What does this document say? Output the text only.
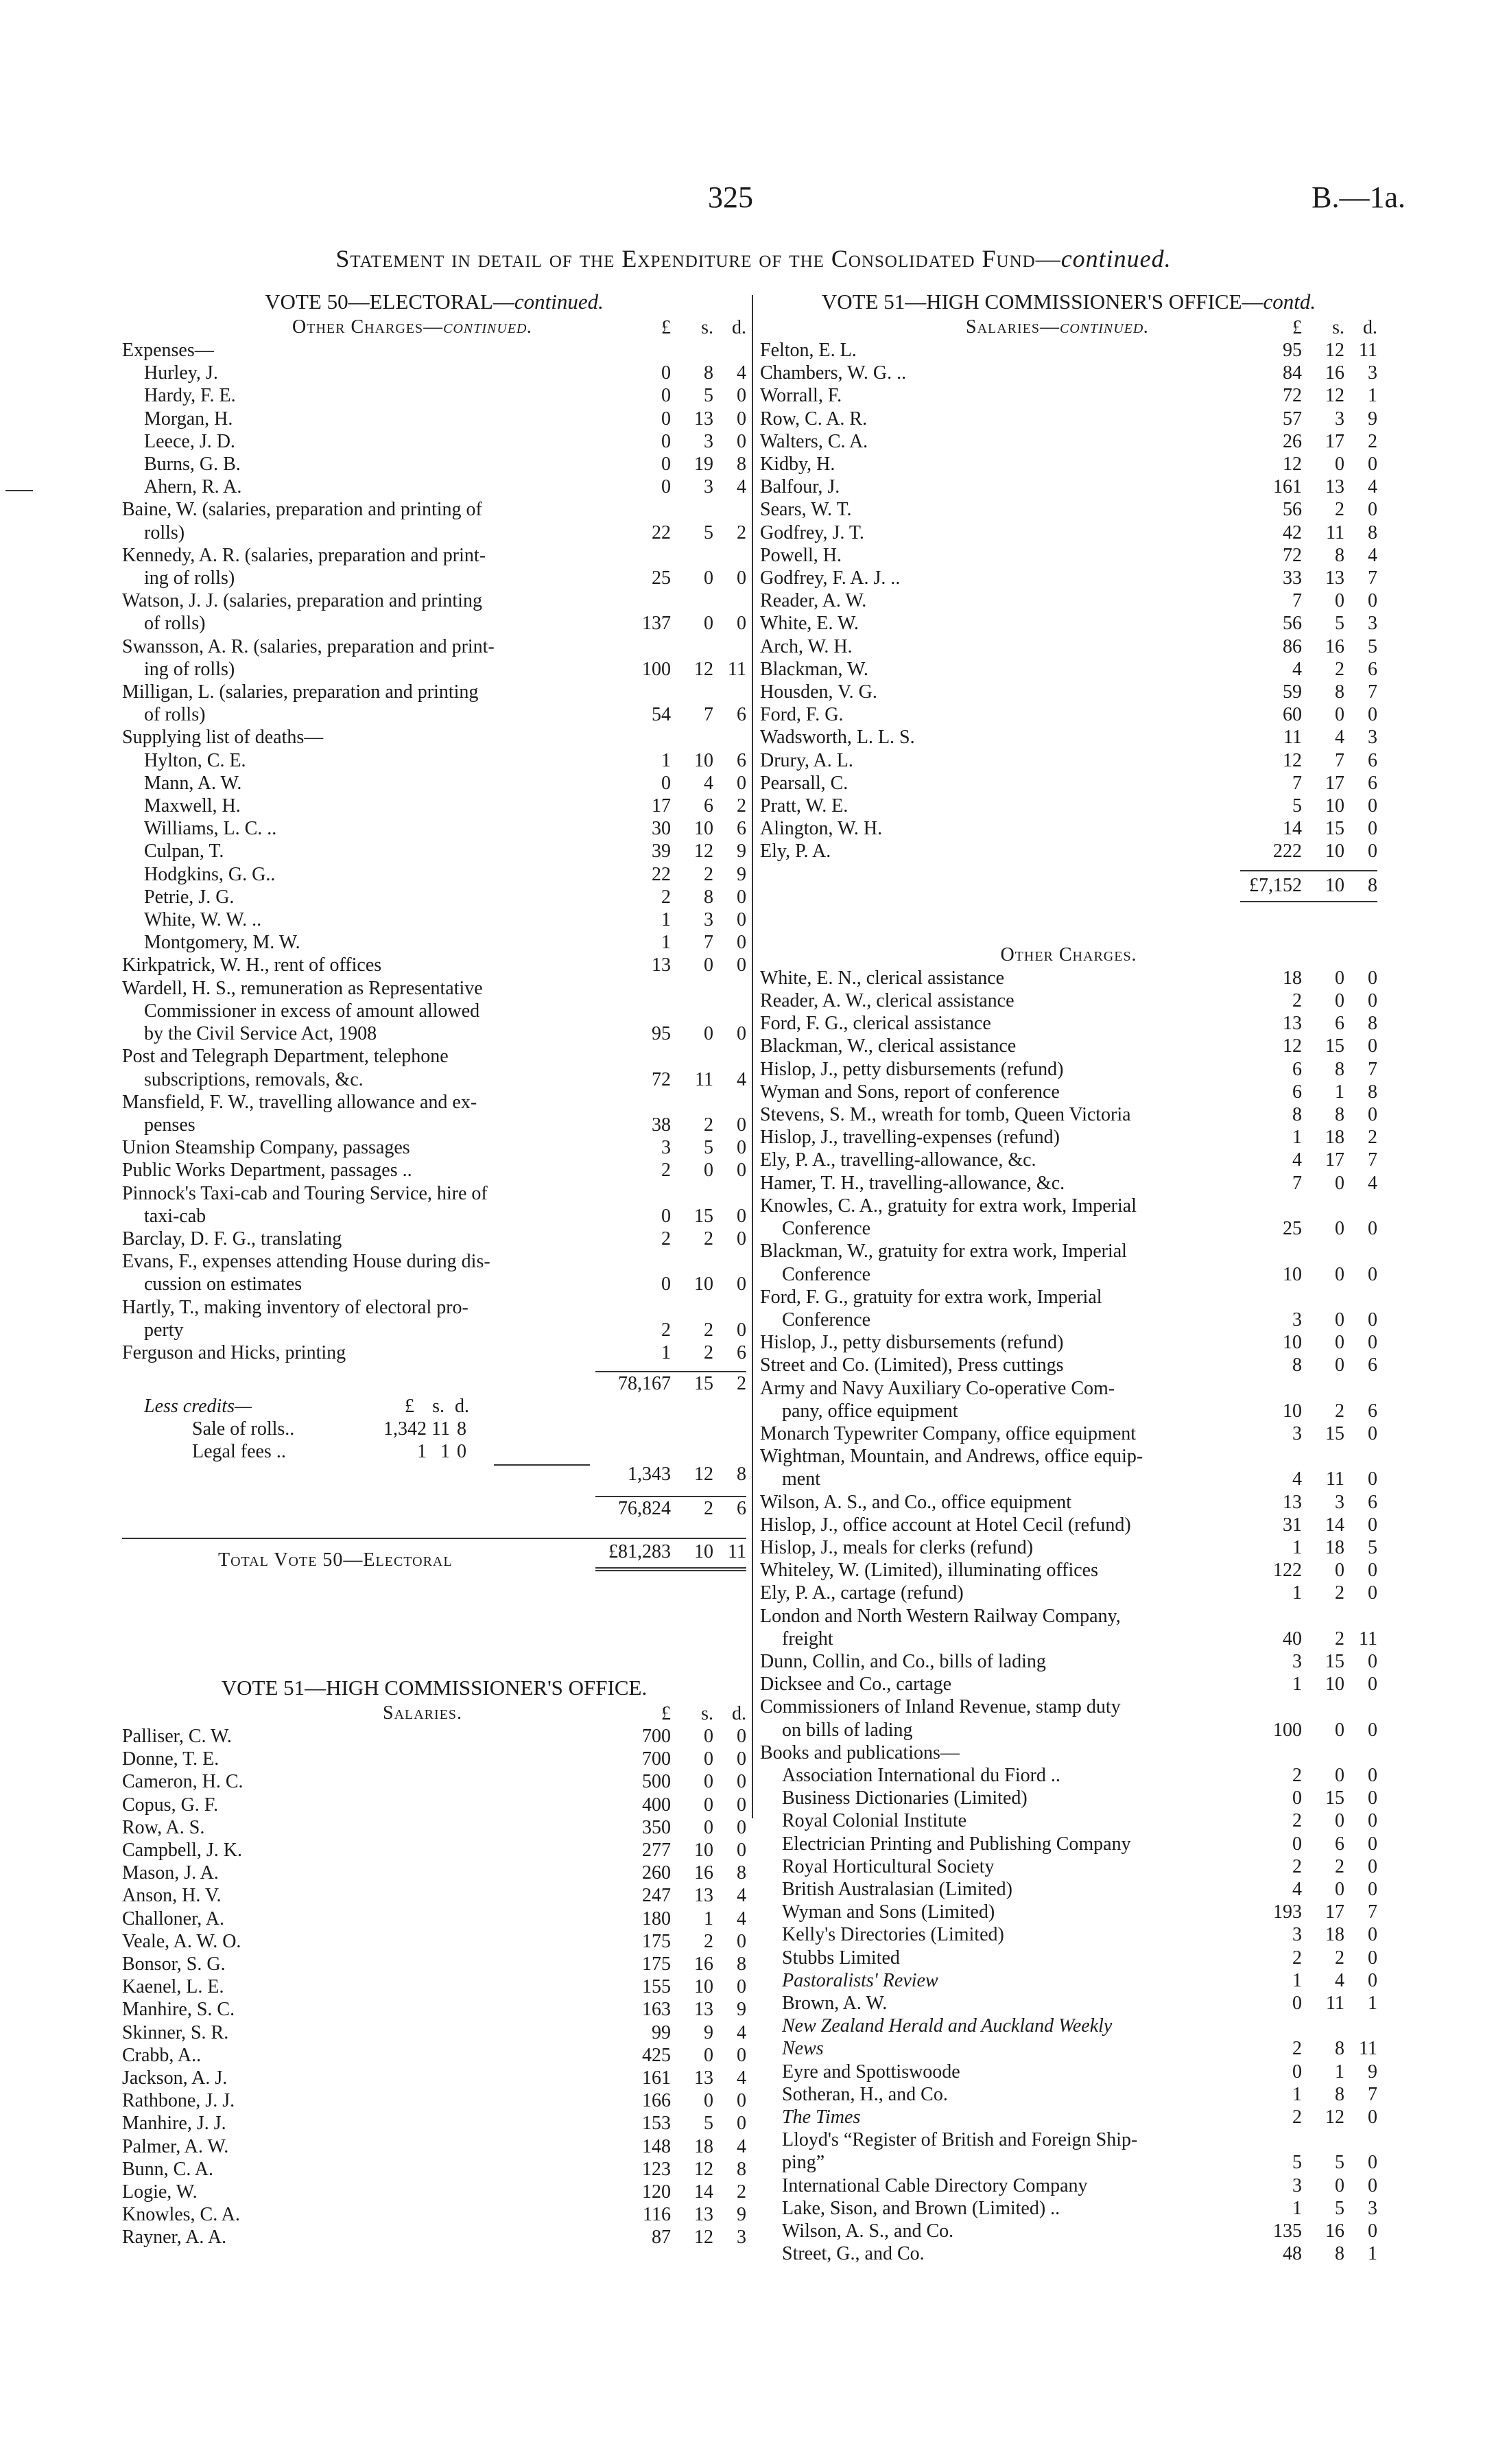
325	B.—1a.
Statement in detail of the Expenditure of the Consolidated Fund—continued.
VOTE 50—ELECTORAL—continued.
Other Charges—continued.	£ s. d.
Expenses—
Hurley, J.	0 8 4
Hardy, F. E.	0 5 0
Morgan, H.	0 13 0
Leece, J. D.	0 3 0
Burns, G. B.	0 19 8
Ahern, R. A.	0 3 4
Baine, W. (salaries, preparation and printing of
rolls)	22 5 2
Kennedy, A. R. (salaries, preparation and print-
ing of rolls)	25 0 0
Watson, J. J. (salaries, preparation and printing
of rolls)	137 0 0
Swansson, A. R. (salaries, preparation and print-
ing of rolls)	100 12 11
Milligan, L. (salaries, preparation and printing
of rolls)	54 7 6
Supplying list of deaths—
Hylton, C. E.	1 10 6
Mann, A. W.	0 4 0
Maxwell, H.	17 6 2
Williams, L. C. ..	30 10 6
Culpan, T.	39 12 9
Hodgkins, G. G..	22 2 9
Petrie, J. G.	2 8 0
White, W. W. ..	1 3 0
Montgomery, M. W.	1 7 0
Kirkpatrick, W. H., rent of offices	13 0 0
Wardell, H. S., remuneration as Representative
Commissioner in excess of amount allowed
by the Civil Service Act, 1908	95 0 0
Post and Telegraph Department, telephone
subscriptions, removals, &c.	72 11 4
Mansfield, F. W., travelling allowance and ex-
penses	38 2 0
Union Steamship Company, passages	3 5 0
Public Works Department, passages ..	2 0 0
Pinnock's Taxi-cab and Touring Service, hire of
taxi-cab	0 15 0
Barclay, D. F. G., translating	2 2 0
Evans, F., expenses attending House during dis-
cussion on estimates	0 10 0
Hartly, T., making inventory of electoral pro-
perty	2 2 0
Ferguson and Hicks, printing	1 2 6
78,167 15 2
Less credits—	£ s. d.
Sale of rolls..	1,342 11 8
Legal fees ..	1 1 0
1,343 12 8
76,824 2 6
Total Vote 50—Electoral	£81,283 10 11
VOTE 51—HIGH COMMISSIONER'S OFFICE.
Salaries.	£ s. d.
Palliser, C. W.	700 0 0
Donne, T. E.	700 0 0
Cameron, H. C.	500 0 0
Copus, G. F.	400 0 0
Row, A. S.	350 0 0
Campbell, J. K.	277 10 0
Mason, J. A.	260 16 8
Anson, H. V.	247 13 4
Challoner, A.	180 1 4
Veale, A. W. O.	175 2 0
Bonsor, S. G.	175 16 8
Kaenel, L. E.	155 10 0
Manhire, S. C.	163 13 9
Skinner, S. R.	99 9 4
Crabb, A..	425 0 0
Jackson, A. J.	161 13 4
Rathbone, J. J.	166 0 0
Manhire, J. J.	153 5 0
Palmer, A. W.	148 18 4
Bunn, C. A.	123 12 8
Logie, W.	120 14 2
Knowles, C. A.	116 13 9
Rayner, A. A.	87 12 3
VOTE 51—HIGH COMMISSIONER'S OFFICE—contd.
Salaries—continued.	£ s. d.
Felton, E. L.	95 12 11
Chambers, W. G. ..	84 16 3
Worrall, F.	72 12 1
Row, C. A. R.	57 3 9
Walters, C. A.	26 17 2
Kidby, H.	12 0 0
Balfour, J.	161 13 4
Sears, W. T.	56 2 0
Godfrey, J. T.	42 11 8
Powell, H.	72 8 4
Godfrey, F. A. J. ..	33 13 7
Reader, A. W.	7 0 0
White, E. W.	56 5 3
Arch, W. H.	86 16 5
Blackman, W.	4 2 6
Housden, V. G.	59 8 7
Ford, F. G.	60 0 0
Wadsworth, L. L. S.	11 4 3
Drury, A. L.	12 7 6
Pearsall, C.	7 17 6
Pratt, W. E.	5 10 0
Alington, W. H.	14 15 0
Ely, P. A.	222 10 0
£7,152 10 8
Other Charges.
White, E. N., clerical assistance	18 0 0
Reader, A. W., clerical assistance	2 0 0
Ford, F. G., clerical assistance	13 6 8
Blackman, W., clerical assistance	12 15 0
Hislop, J., petty disbursements (refund)	6 8 7
Wyman and Sons, report of conference	6 1 8
Stevens, S. M., wreath for tomb, Queen Victoria	8 8 0
Hislop, J., travelling-expenses (refund)	1 18 2
Ely, P. A., travelling-allowance, &c.	4 17 7
Hamer, T. H., travelling-allowance, &c.	7 0 4
Knowles, C. A., gratuity for extra work, Imperial
Conference	25 0 0
Blackman, W., gratuity for extra work, Imperial
Conference	10 0 0
Ford, F. G., gratuity for extra work, Imperial
Conference	3 0 0
Hislop, J., petty disbursements (refund)	10 0 0
Street and Co. (Limited), Press cuttings	8 0 6
Army and Navy Auxiliary Co-operative Com-
pany, office equipment	10 2 6
Monarch Typewriter Company, office equipment	3 15 0
Wightman, Mountain, and Andrews, office equip-
ment	4 11 0
Wilson, A. S., and Co., office equipment	13 3 6
Hislop, J., office account at Hotel Cecil (refund)	31 14 0
Hislop, J., meals for clerks (refund)	1 18 5
Whiteley, W. (Limited), illuminating offices	122 0 0
Ely, P. A., cartage (refund)	1 2 0
London and North Western Railway Company,
freight	40 2 11
Dunn, Collin, and Co., bills of lading	3 15 0
Dicksee and Co., cartage	1 10 0
Commissioners of Inland Revenue, stamp duty
on bills of lading	100 0 0
Books and publications—
Association International du Fiord ..	2 0 0
Business Dictionaries (Limited)	0 15 0
Royal Colonial Institute	2 0 0
Electrician Printing and Publishing Company	0 6 0
Royal Horticultural Society	2 2 0
British Australasian (Limited)	4 0 0
Wyman and Sons (Limited)	193 17 7
Kelly's Directories (Limited)	3 18 0
Stubbs Limited	2 2 0
Pastoralists' Review	1 4 0
Brown, A. W.	0 11 1
New Zealand Herald and Auckland Weekly
News	2 8 11
Eyre and Spottiswoode	0 1 9
Sotheran, H., and Co.	1 8 7
The Times	2 12 0
Lloyd's “Register of British and Foreign Ship-
ping”	5 5 0
International Cable Directory Company	3 0 0
Lake, Sison, and Brown (Limited) ..	1 5 3
Wilson, A. S., and Co.	135 16 0
Street, G., and Co.	48 8 1
